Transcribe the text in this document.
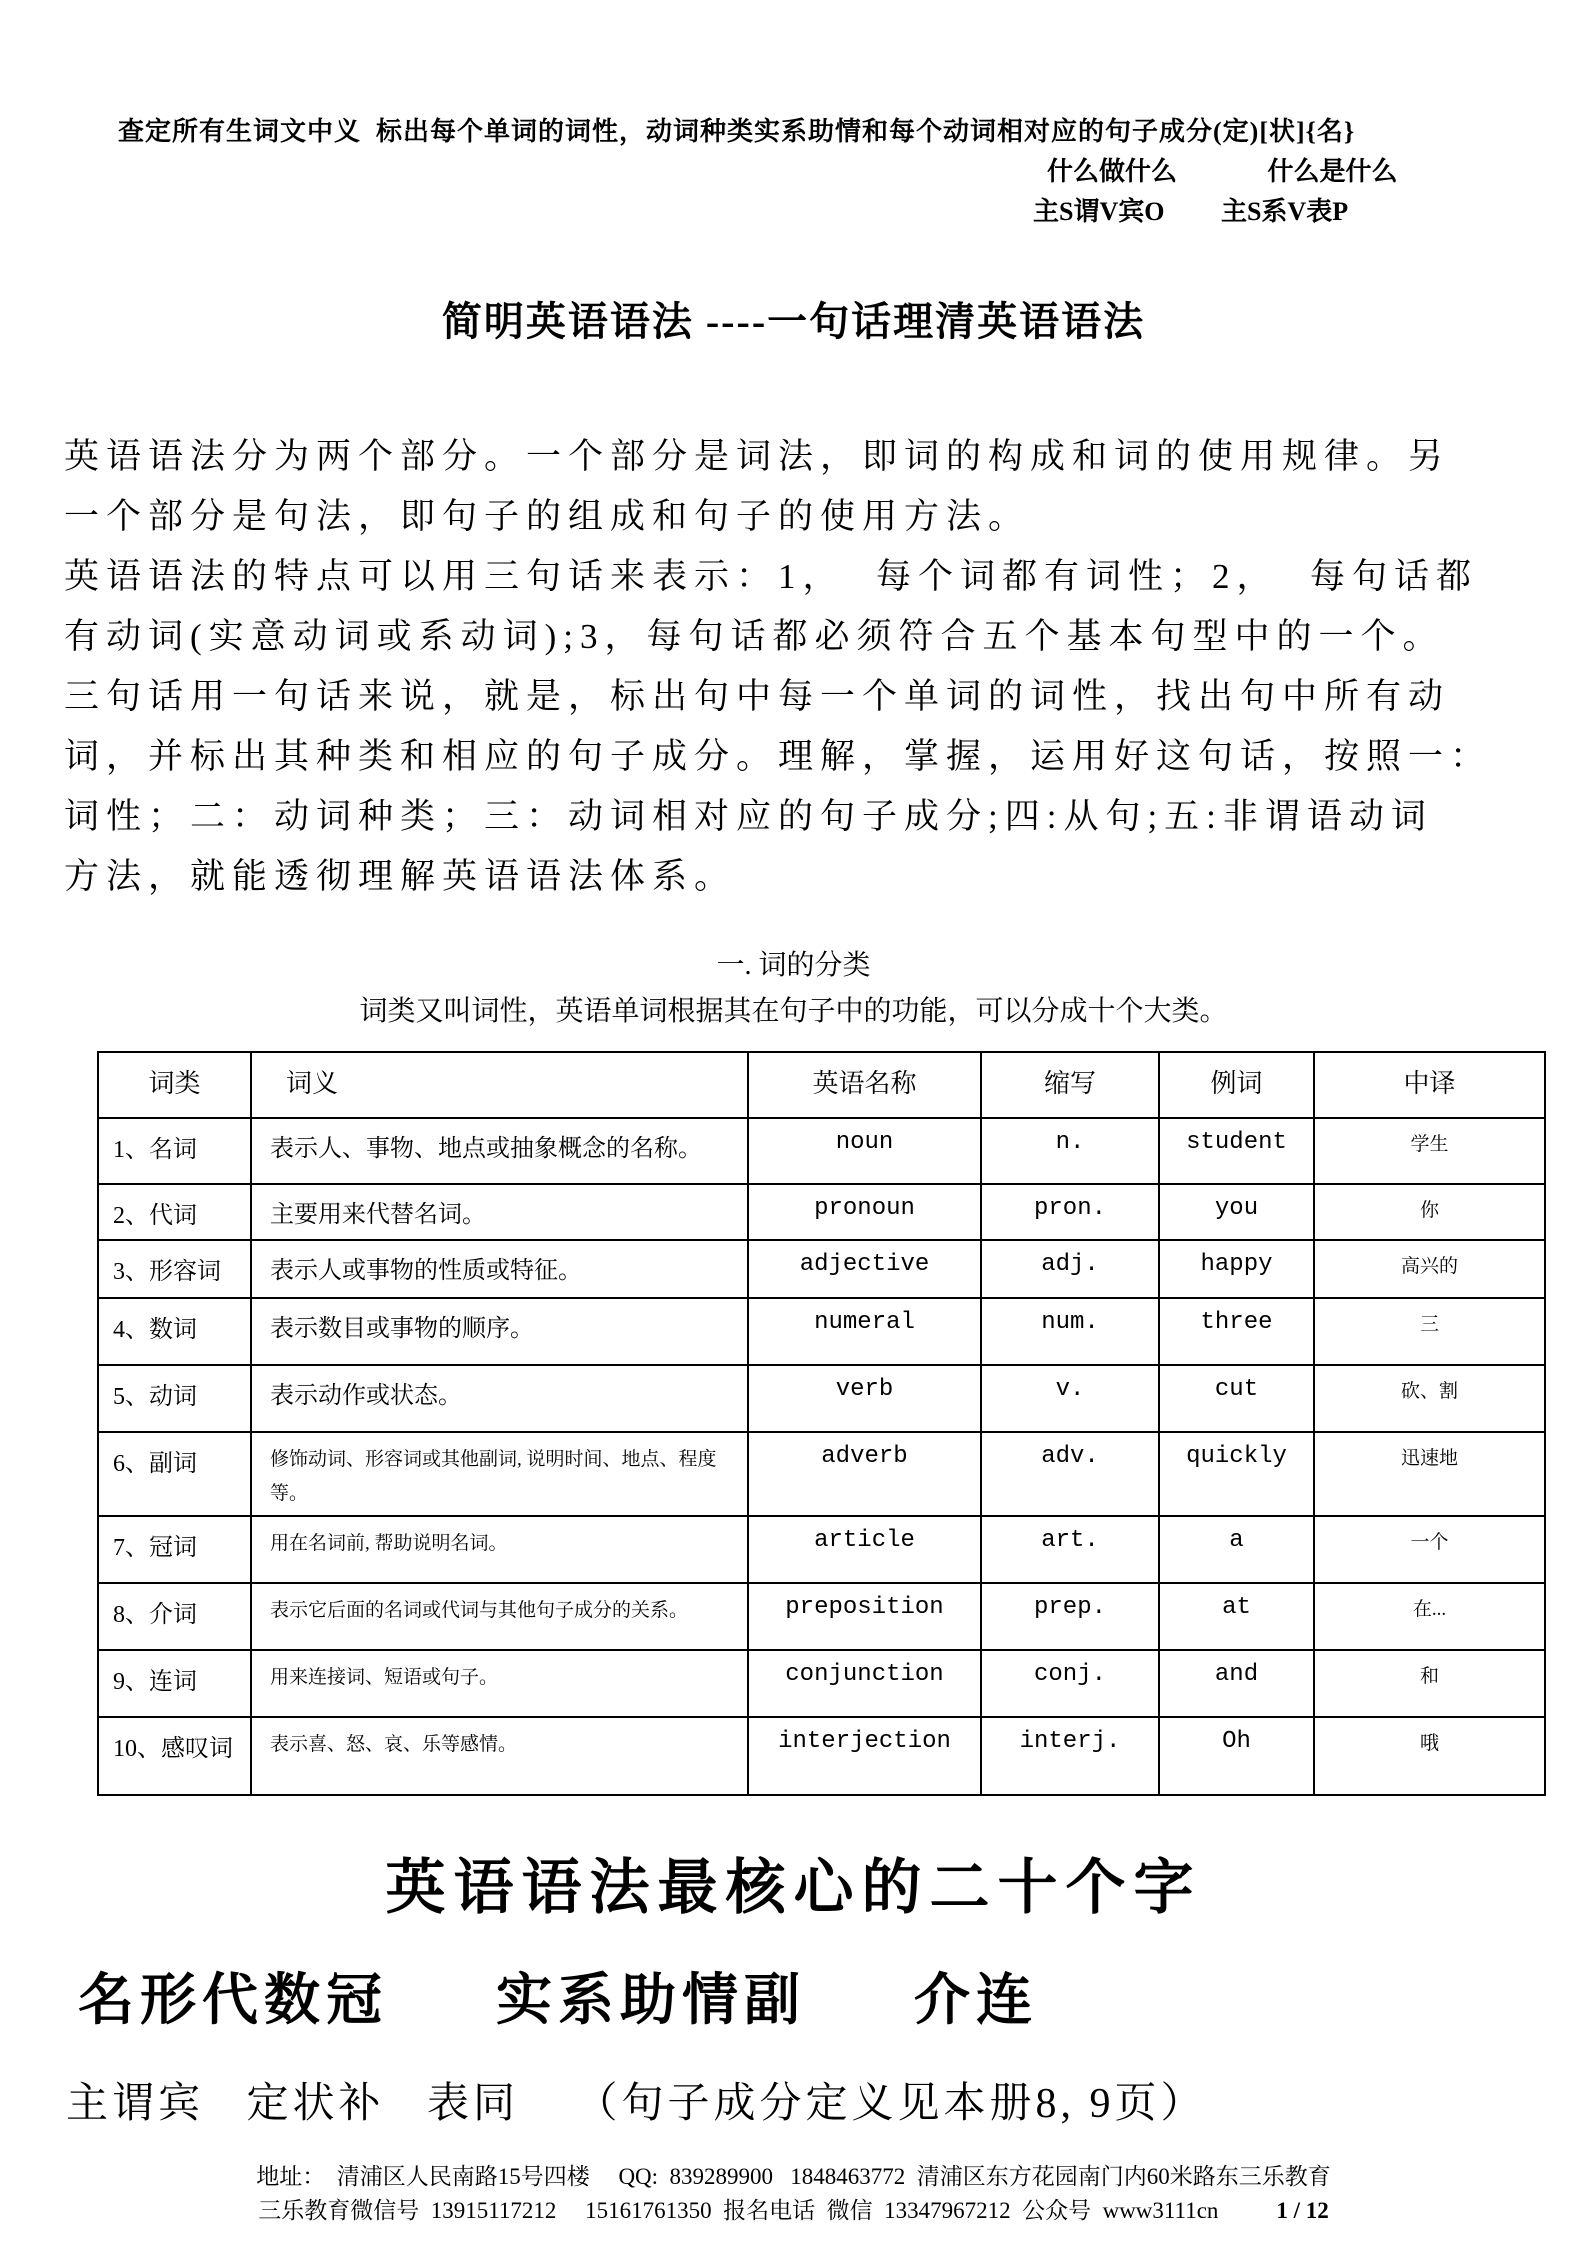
查定所有生词文中义  标出每个单词的词性，动词种类实系助情和每个动词相对应的句子成分(定)[状]{名}
什么做什么	什么是什么
主S谓V宾O 主S系V表P
简明英语语法 ----一句话理清英语语法
英语语法分为两个部分。一个部分是词法，即词的构成和词的使用规律。另
一个部分是句法，即句子的组成和句子的使用方法。
英语语法的特点可以用三句话来表示：1，  每个词都有词性；2，  每句话都
有动词(实意动词或系动词);3，每句话都必须符合五个基本句型中的一个。
三句话用一句话来说，就是，标出句中每一个单词的词性，找出句中所有动
词，并标出其种类和相应的句子成分。理解，掌握，运用好这句话，按照一：
词性；二：动词种类；三：动词相对应的句子成分;四:从句;五:非谓语动词
方法，就能透彻理解英语语法体系。
一. 词的分类
词类又叫词性，英语单词根据其在句子中的功能，可以分成十个大类。
词类	词义	英语名称	缩写	例词	中译
1、名词	表示人、事物、地点或抽象概念的名称。	noun	n.	student	学生
2、代词	主要用来代替名词。	pronoun	pron.	you	你
3、形容词	表示人或事物的性质或特征。	adjective	adj.	happy	高兴的
4、数词	表示数目或事物的顺序。	numeral	num.	three	三
5、动词	表示动作或状态。	verb	v.	cut	砍、割
6、副词	修饰动词、形容词或其他副词, 说明时间、地点、程度等。	adverb	adv.	quickly	迅速地
7、冠词	用在名词前, 帮助说明名词。	article	art.	a	一个
8、介词	表示它后面的名词或代词与其他句子成分的关系。	preposition	prep.	at	在...
9、连词	用来连接词、短语或句子。	conjunction	conj.	and	和
10、感叹词	表示喜、怒、哀、乐等感情。	interjection	interj.	Oh	哦
英语语法最核心的二十个字
名形代数冠 实系助情副 介连
主谓宾 定状补 表同 （句子成分定义见本册8, 9页）
地址：  清浦区人民南路15号四楼     QQ:  839289900   1848463772  清浦区东方花园南门内60米路东三乐教育
三乐教育微信号  13915117212     15161761350  报名电话  微信  13347967212  公众号  www3111cn	1 / 12
